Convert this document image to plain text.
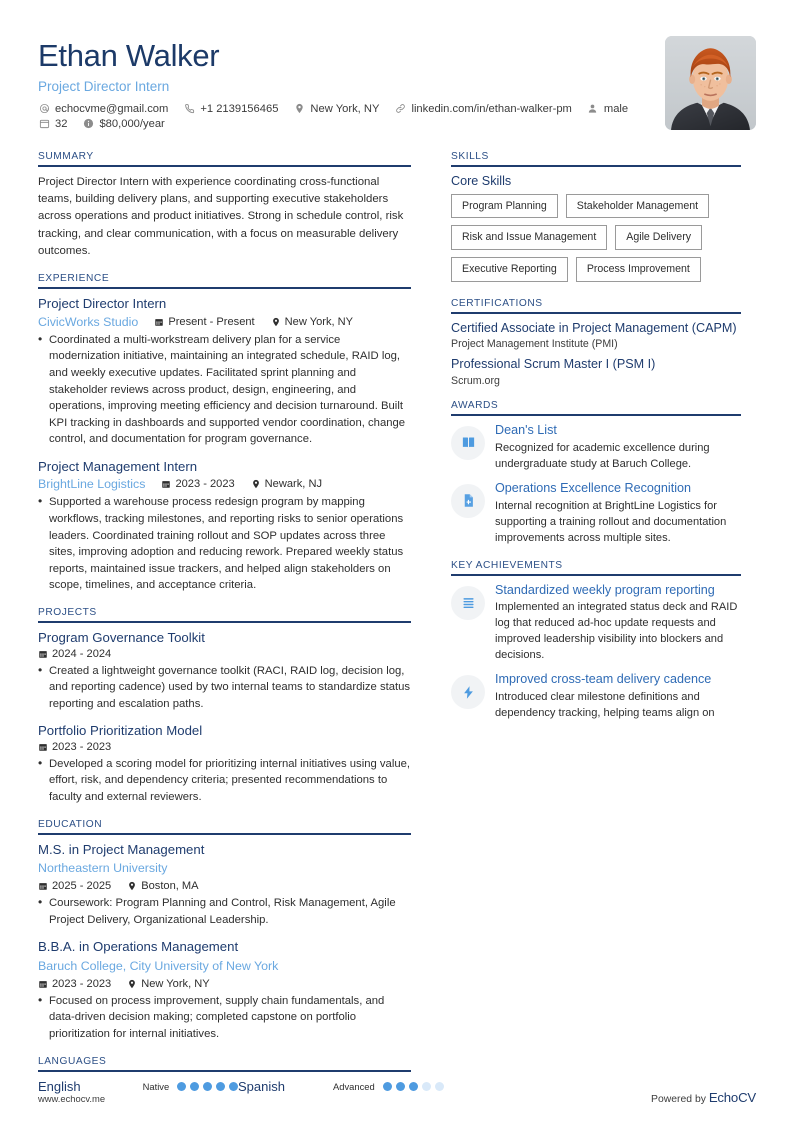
Ethan Walker
Project Director Intern
echocvme@gmail.com	+1 2139156465	New York, NY	linkedin.com/in/ethan-walker-pm	male
32	$80,000/year
SUMMARY
Project Director Intern with experience coordinating cross-functional teams, building delivery plans, and supporting executive stakeholders across operations and product initiatives. Strong in schedule control, risk tracking, and clear communication, with a focus on measurable delivery outcomes.
EXPERIENCE
Project Director Intern
CivicWorks Studio	Present - Present	New York, NY
• Coordinated a multi-workstream delivery plan for a service modernization initiative, maintaining an integrated schedule, RAID log, and weekly executive updates. Facilitated sprint planning and stakeholder reviews across product, design, engineering, and operations, improving meeting efficiency and decision turnaround. Built KPI tracking in dashboards and supported vendor coordination, change control, and documentation for program governance.
Project Management Intern
BrightLine Logistics	2023 - 2023	Newark, NJ
• Supported a warehouse process redesign program by mapping workflows, tracking milestones, and reporting risks to senior operations leaders. Coordinated training rollout and SOP updates across three sites, improving adoption and reducing rework. Prepared weekly status reports, maintained issue trackers, and helped align stakeholders on scope, timelines, and acceptance criteria.
PROJECTS
Program Governance Toolkit
2024 - 2024
• Created a lightweight governance toolkit (RACI, RAID log, decision log, and reporting cadence) used by two internal teams to standardize status reporting and escalation paths.
Portfolio Prioritization Model
2023 - 2023
• Developed a scoring model for prioritizing internal initiatives using value, effort, risk, and dependency criteria; presented recommendations to faculty and external reviewers.
EDUCATION
M.S. in Project Management
Northeastern University
2025 - 2025	Boston, MA
• Coursework: Program Planning and Control, Risk Management, Agile Project Delivery, Organizational Leadership.
B.B.A. in Operations Management
Baruch College, City University of New York
2023 - 2023	New York, NY
• Focused on process improvement, supply chain fundamentals, and data-driven decision making; completed capstone on portfolio prioritization for internal initiatives.
LANGUAGES
English	Native	Spanish	Advanced
SKILLS
Core Skills
Program Planning	Stakeholder Management
Risk and Issue Management	Agile Delivery
Executive Reporting	Process Improvement
CERTIFICATIONS
Certified Associate in Project Management (CAPM)
Project Management Institute (PMI)
Professional Scrum Master I (PSM I)
Scrum.org
AWARDS
Dean's List
Recognized for academic excellence during undergraduate study at Baruch College.
Operations Excellence Recognition
Internal recognition at BrightLine Logistics for supporting a training rollout and documentation improvements across multiple sites.
KEY ACHIEVEMENTS
Standardized weekly program reporting
Implemented an integrated status deck and RAID log that reduced ad-hoc update requests and improved leadership visibility into blockers and decisions.
Improved cross-team delivery cadence
Introduced clear milestone definitions and dependency tracking, helping teams align on
www.echocv.me	Powered by EchoCV
